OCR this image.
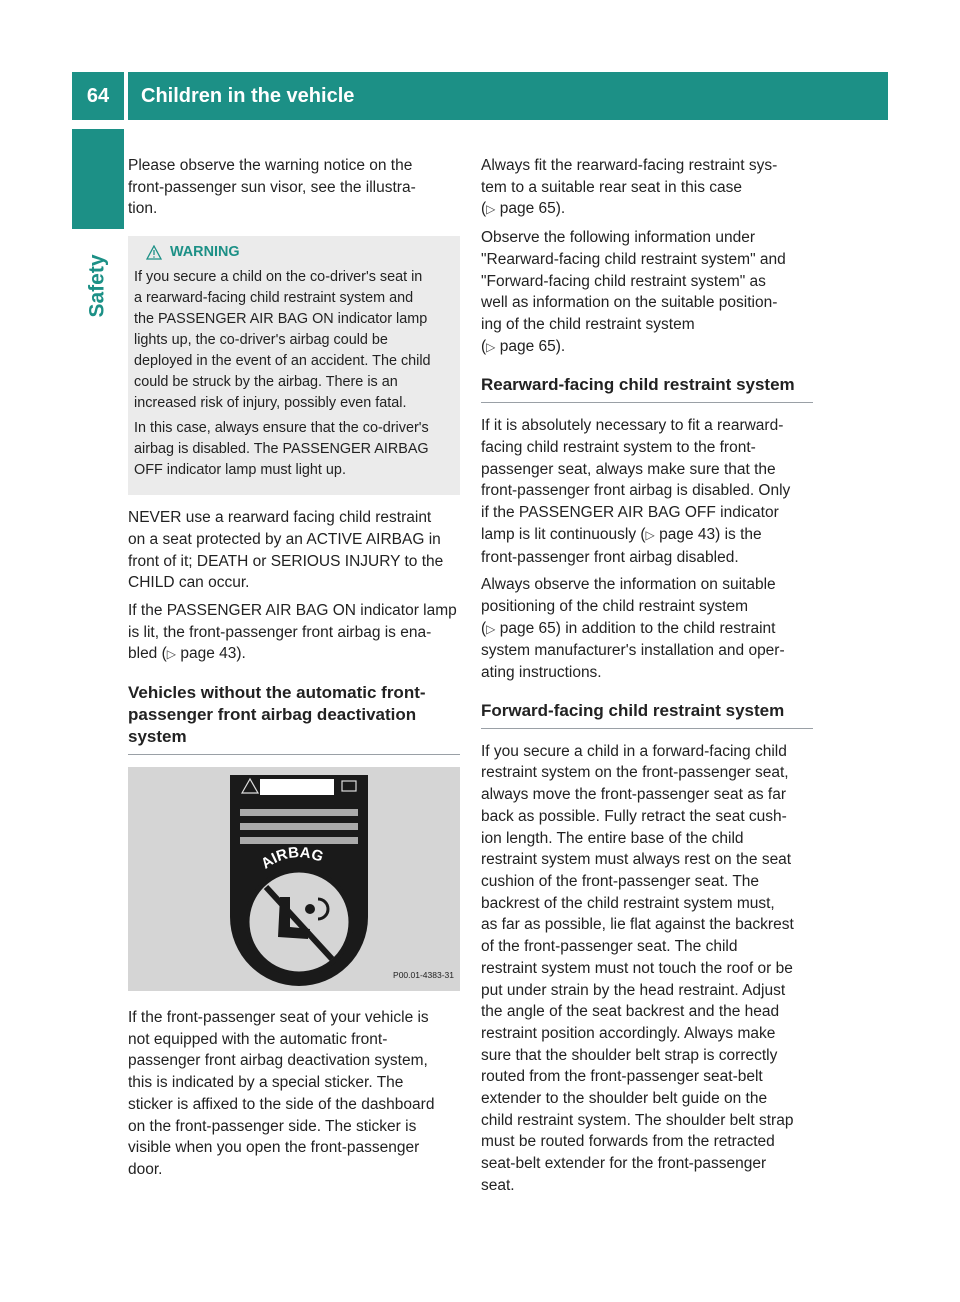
64	Children in the vehicle
Safety

Please observe the warning notice on the
front-passenger sun visor, see the illustra-
tion.

WARNING

If you secure a child on the co-driver's seat in
a rearward-facing child restraint system and
the PASSENGER AIR BAG ON indicator lamp
lights up, the co-driver's airbag could be
deployed in the event of an accident. The child
could be struck by the airbag. There is an
increased risk of injury, possibly even fatal.

In this case, always ensure that the co-driver's
airbag is disabled. The PASSENGER AIRBAG
OFF indicator lamp must light up.

NEVER use a rearward facing child restraint
on a seat protected by an ACTIVE AIRBAG in
front of it; DEATH or SERIOUS INJURY to the
CHILD can occur.

If the PASSENGER AIR BAG ON indicator lamp
is lit, the front-passenger front airbag is ena-
bled (▷ page 43).

Vehicles without the automatic front-
passenger front airbag deactivation
system
AIRBAG
P00.01-4383-31

If the front-passenger seat of your vehicle is
not equipped with the automatic front-
passenger front airbag deactivation system,
this is indicated by a special sticker. The
sticker is affixed to the side of the dashboard
on the front-passenger side. The sticker is
visible when you open the front-passenger
door.

Always fit the rearward-facing restraint sys-
tem to a suitable rear seat in this case
(▷ page 65).

Observe the following information under
"Rearward-facing child restraint system" and
"Forward-facing child restraint system" as
well as information on the suitable position-
ing of the child restraint system
(▷ page 65).

Rearward-facing child restraint system

If it is absolutely necessary to fit a rearward-
facing child restraint system to the front-
passenger seat, always make sure that the
front-passenger front airbag is disabled. Only
if the PASSENGER AIR BAG OFF indicator
lamp is lit continuously (▷ page 43) is the
front-passenger front airbag disabled.

Always observe the information on suitable
positioning of the child restraint system
(▷ page 65) in addition to the child restraint
system manufacturer's installation and oper-
ating instructions.

Forward-facing child restraint system

If you secure a child in a forward-facing child
restraint system on the front-passenger seat,
always move the front-passenger seat as far
back as possible. Fully retract the seat cush-
ion length. The entire base of the child
restraint system must always rest on the seat
cushion of the front-passenger seat. The
backrest of the child restraint system must,
as far as possible, lie flat against the backrest
of the front-passenger seat. The child
restraint system must not touch the roof or be
put under strain by the head restraint. Adjust
the angle of the seat backrest and the head
restraint position accordingly. Always make
sure that the shoulder belt strap is correctly
routed from the front-passenger seat-belt
extender to the shoulder belt guide on the
child restraint system. The shoulder belt strap
must be routed forwards from the retracted
seat-belt extender for the front-passenger
seat.
